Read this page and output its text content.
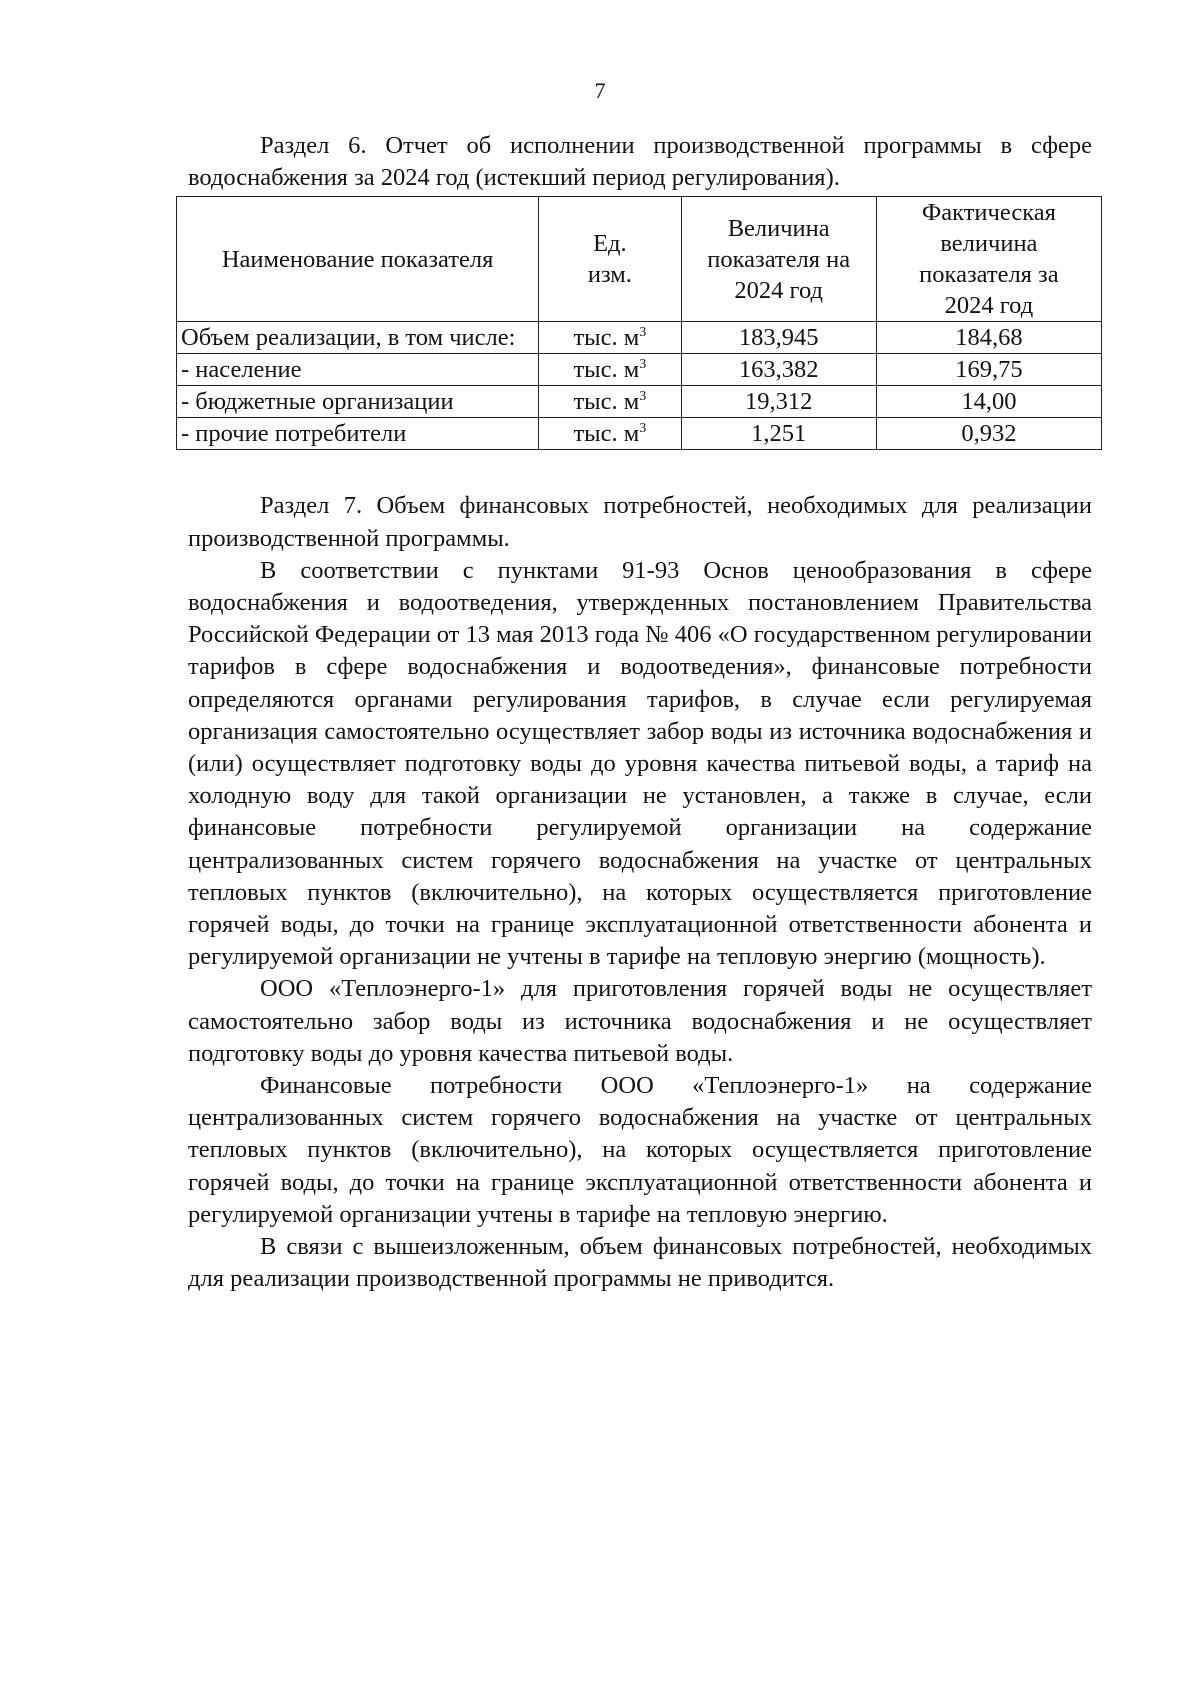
7

Раздел 6. Отчет об исполнении производственной программы в сфере водоснабжения за 2024 год (истекший период регулирования).

Наименование показателя	Ед. изм.	Величина показателя на 2024 год	Фактическая величина показателя за 2024 год
Объем реализации, в том числе:	тыс. $м^3$	183,945	184,68
- население	тыс. $м^3$	163,382	169,75
- бюджетные организации	тыс. $м^3$	19,312	14,00
- прочие потребители	тыс. $м^3$	1,251	0,932

Раздел 7. Объем финансовых потребностей, необходимых для реализации производственной программы.

В соответствии с пунктами 91-93 Основ ценообразования в сфере водоснабжения и водоотведения, утвержденных постановлением Правительства Российской Федерации от 13 мая 2013 года № 406 «О государственном регулировании тарифов в сфере водоснабжения и водоотведения», финансовые потребности определяются органами регулирования тарифов, в случае если регулируемая организация самостоятельно осуществляет забор воды из источника водоснабжения и (или) осуществляет подготовку воды до уровня качества питьевой воды, а тариф на холодную воду для такой организации не установлен, а также в случае, если финансовые потребности регулируемой организации на содержание централизованных систем горячего водоснабжения на участке от центральных тепловых пунктов (включительно), на которых осуществляется приготовление горячей воды, до точки на границе эксплуатационной ответственности абонента и регулируемой организации не учтены в тарифе на тепловую энергию (мощность).

ООО «Теплоэнерго-1» для приготовления горячей воды не осуществляет самостоятельно забор воды из источника водоснабжения и не осуществляет подготовку воды до уровня качества питьевой воды.

Финансовые потребности ООО «Теплоэнерго-1» на содержание централизованных систем горячего водоснабжения на участке от центральных тепловых пунктов (включительно), на которых осуществляется приготовление горячей воды, до точки на границе эксплуатационной ответственности абонента и регулируемой организации учтены в тарифе на тепловую энергию.

В связи с вышеизложенным, объем финансовых потребностей, необходимых для реализации производственной программы не приводится.
